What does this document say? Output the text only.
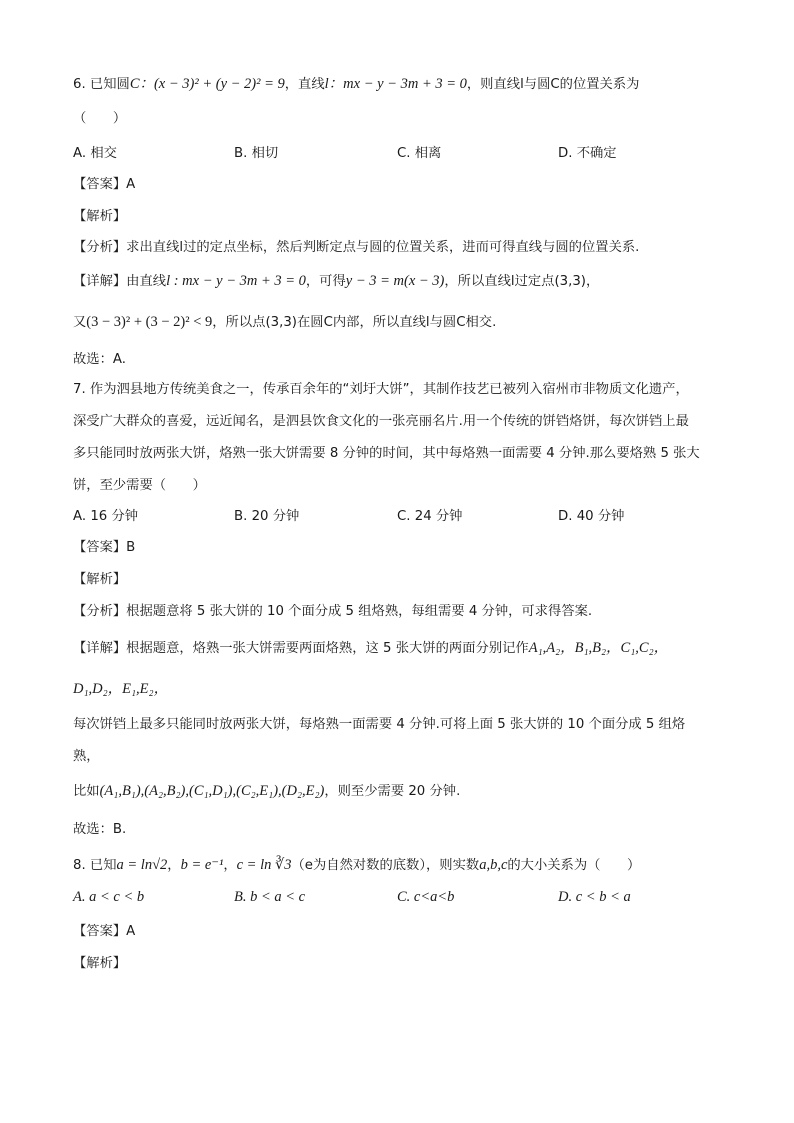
6. 已知圆C：(x − 3)² + (y − 2)² = 9，直线l：mx − y − 3m + 3 = 0，则直线l与圆C的位置关系为
（　　）
A. 相交	B. 相切	C. 相离	D. 不确定
【答案】A
【解析】
【分析】求出直线l过的定点坐标，然后判断定点与圆的位置关系，进而可得直线与圆的位置关系.
【详解】由直线l : mx − y − 3m + 3 = 0，可得y − 3 = m(x − 3)，所以直线l过定点(3,3)，
又(3 − 3)² + (3 − 2)² < 9，所以点(3,3)在圆C内部，所以直线l与圆C相交.
故选：A.
7. 作为泗县地方传统美食之一，传承百余年的“刘圩大饼”，其制作技艺已被列入宿州市非物质文化遗产，
深受广大群众的喜爱，远近闻名，是泗县饮食文化的一张亮丽名片.用一个传统的饼铛烙饼，每次饼铛上最
多只能同时放两张大饼，烙熟一张大饼需要 8 分钟的时间，其中每烙熟一面需要 4 分钟.那么要烙熟 5 张大
饼，至少需要（　　）
A. 16 分钟	B. 20 分钟	C. 24 分钟	D. 40 分钟
【答案】B
【解析】
【分析】根据题意将 5 张大饼的 10 个面分成 5 组烙熟，每组需要 4 分钟，可求得答案.
【详解】根据题意，烙熟一张大饼需要两面烙熟，这 5 张大饼的两面分别记作A₁,A₂，B₁,B₂，C₁,C₂，
D₁,D₂，E₁,E₂，
每次饼铛上最多只能同时放两张大饼，每烙熟一面需要 4 分钟.可将上面 5 张大饼的 10 个面分成 5 组烙
熟，
比如(A₁,B₁),(A₂,B₂),(C₁,D₁),(C₂,E₁),(D₂,E₂)，则至少需要 20 分钟.
故选：B.
8. 已知a = ln√2，b = e⁻¹，c = ln ∛3（e为自然对数的底数），则实数a,b,c的大小关系为（　　）
A. a < c < b	B. b < a < c	C. c<a<b	D. c < b < a
【答案】A
【解析】
